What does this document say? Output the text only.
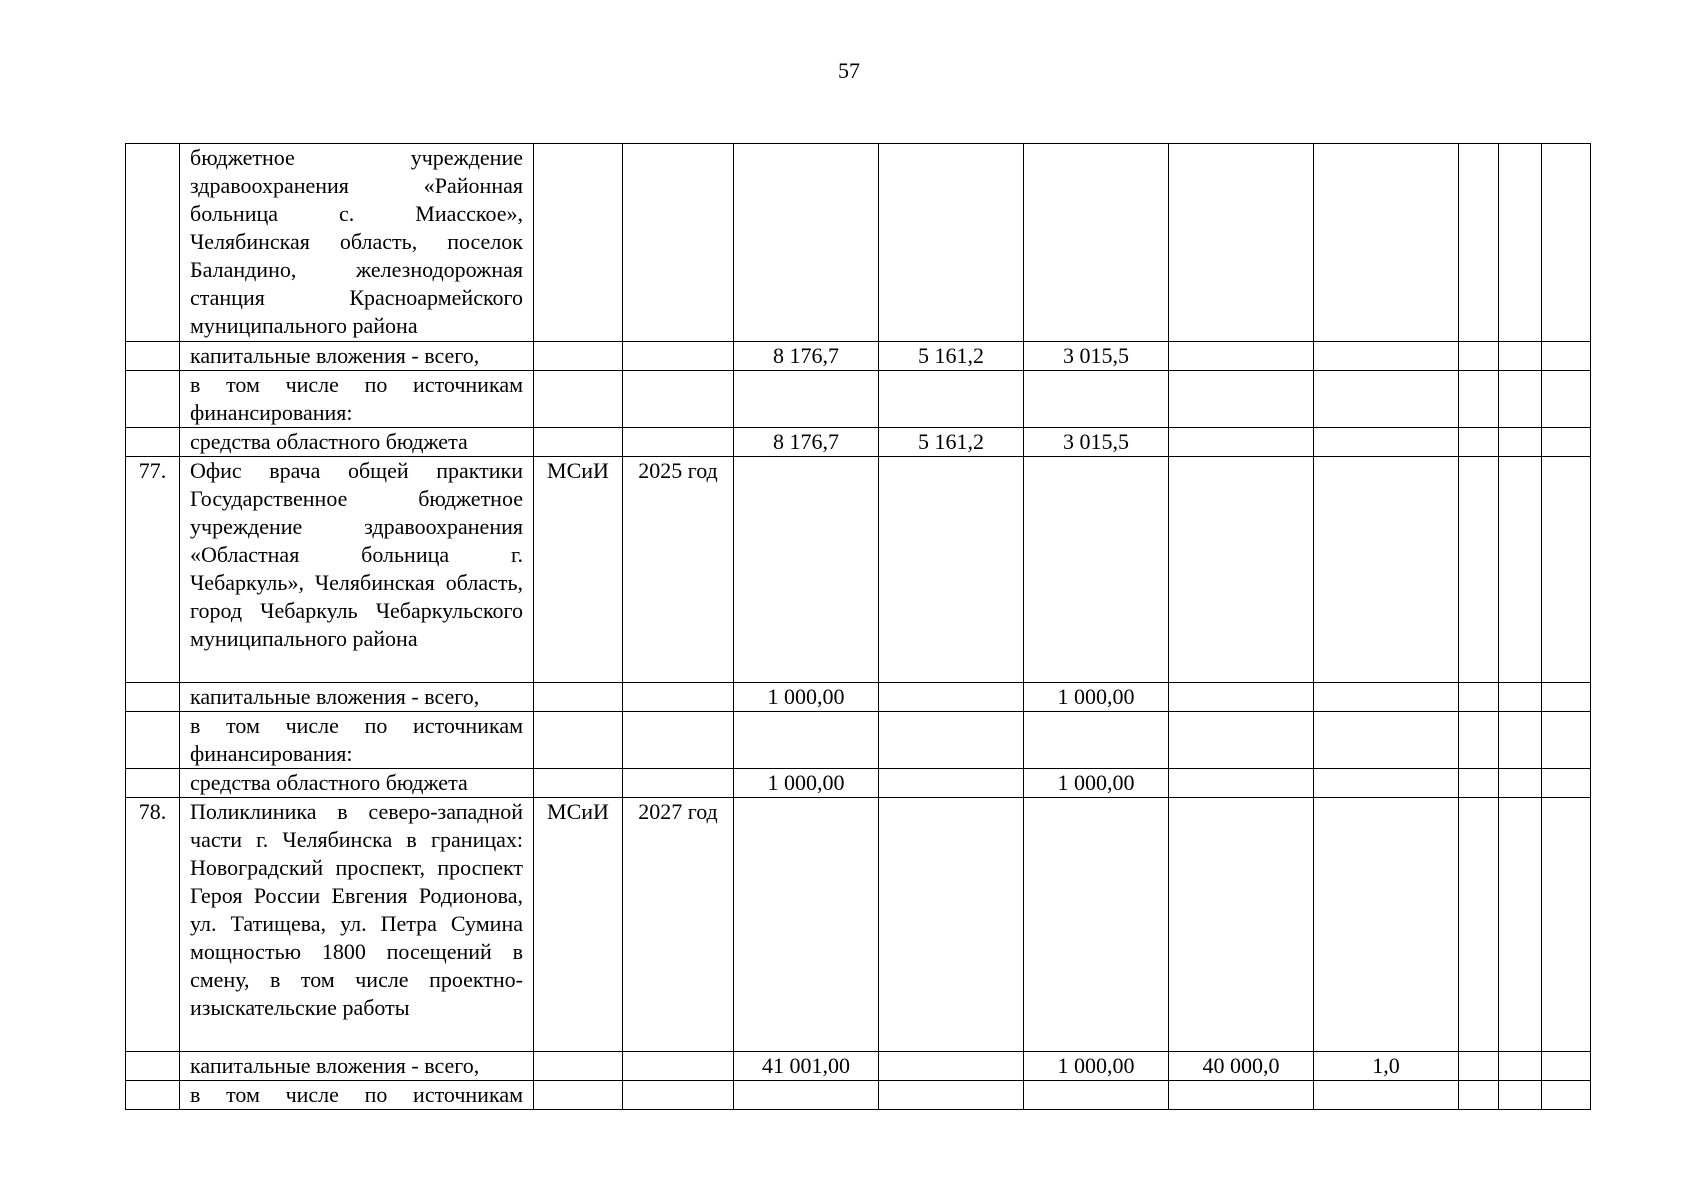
57
	бюджетное учреждение здравоохранения «Районная больница с. Миасское», Челябинская область, поселок Баландино, железнодорожная станция Красноармейского муниципального района										
	капитальные вложения - всего,			8 176,7	5 161,2	3 015,5					
	в том числе по источникам финансирования:										
	средства областного бюджета			8 176,7	5 161,2	3 015,5					
77.	Офис врача общей практики Государственное бюджетное учреждение здравоохранения «Областная больница г. Чебаркуль», Челябинская область, город Чебаркуль Чебаркульского муниципального района	МСиИ	2025 год								
	капитальные вложения - всего,			1 000,00		1 000,00					
	в том числе по источникам финансирования:										
	средства областного бюджета			1 000,00		1 000,00					
78.	Поликлиника в северо-западной части г. Челябинска в границах: Новоградский проспект, проспект Героя России Евгения Родионова, ул. Татищева, ул. Петра Сумина мощностью 1800 посещений в смену, в том числе проектно-изыскательские работы	МСиИ	2027 год								
	капитальные вложения - всего,			41 001,00		1 000,00	40 000,0	1,0			
	в том числе по источникам										
